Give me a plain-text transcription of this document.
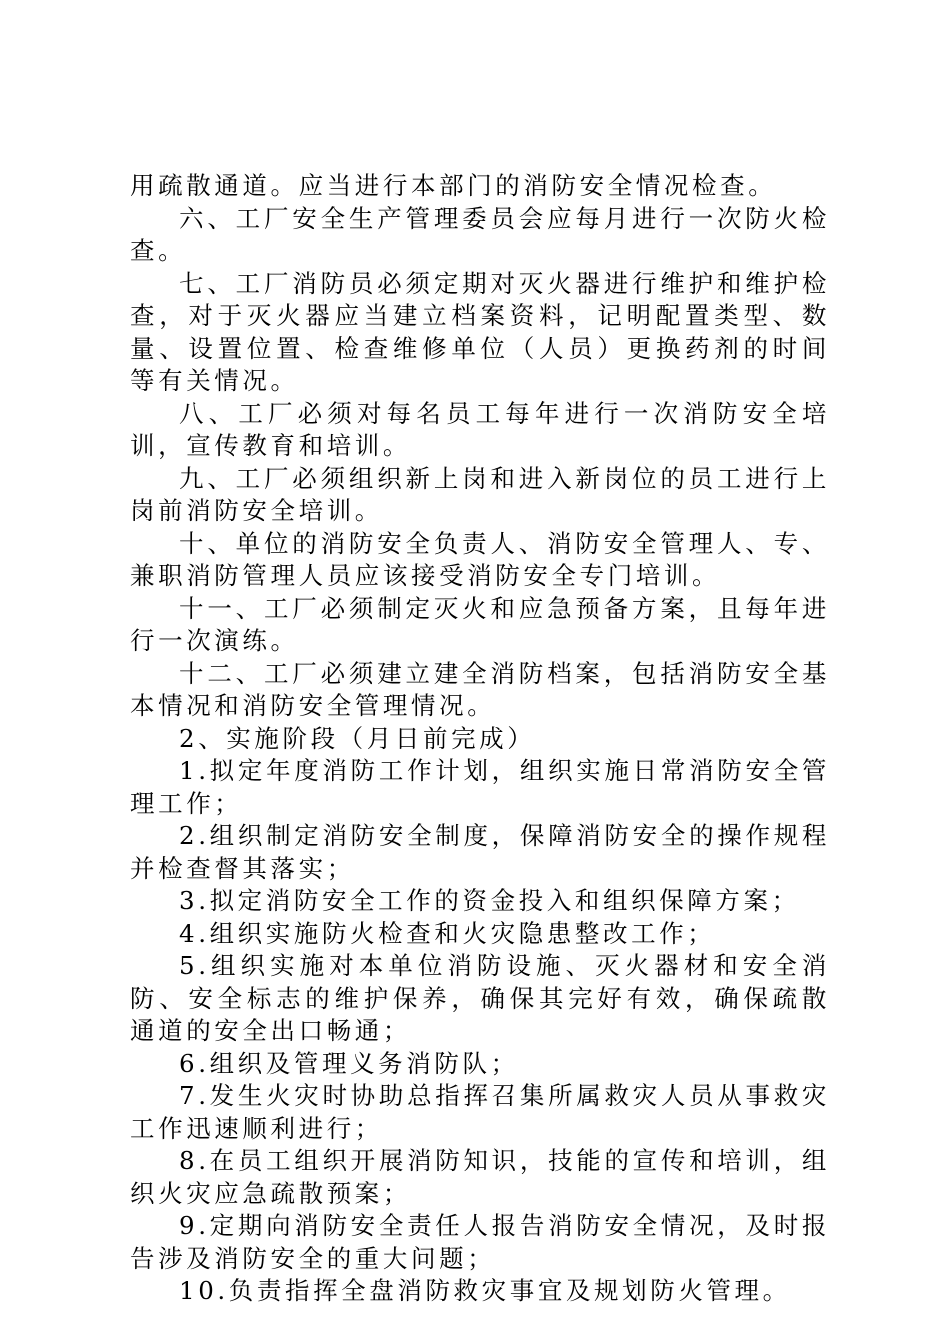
用疏散通道。应当进行本部门的消防安全情况检查。

六、工厂安全生产管理委员会应每月进行一次防火检查。

七、工厂消防员必须定期对灭火器进行维护和维护检查，对于灭火器应当建立档案资料，记明配置类型、数量、设置位置、检查维修单位（人员）更换药剂的时间等有关情况。

八、工厂必须对每名员工每年进行一次消防安全培训，宣传教育和培训。

九、工厂必须组织新上岗和进入新岗位的员工进行上岗前消防安全培训。

十、单位的消防安全负责人、消防安全管理人、专、兼职消防管理人员应该接受消防安全专门培训。

十一、工厂必须制定灭火和应急预备方案，且每年进行一次演练。

十二、工厂必须建立建全消防档案，包括消防安全基本情况和消防安全管理情况。

2、实施阶段（月日前完成）

1.拟定年度消防工作计划，组织实施日常消防安全管理工作；

2.组织制定消防安全制度，保障消防安全的操作规程并检查督其落实；

3.拟定消防安全工作的资金投入和组织保障方案；

4.组织实施防火检查和火灾隐患整改工作；

5.组织实施对本单位消防设施、灭火器材和安全消防、安全标志的维护保养，确保其完好有效，确保疏散通道的安全出口畅通；

6.组织及管理义务消防队；

7.发生火灾时协助总指挥召集所属救灾人员从事救灾工作迅速顺利进行；

8.在员工组织开展消防知识，技能的宣传和培训，组织火灾应急疏散预案；

9.定期向消防安全责任人报告消防安全情况，及时报告涉及消防安全的重大问题；

10.负责指挥全盘消防救灾事宜及规划防火管理。
